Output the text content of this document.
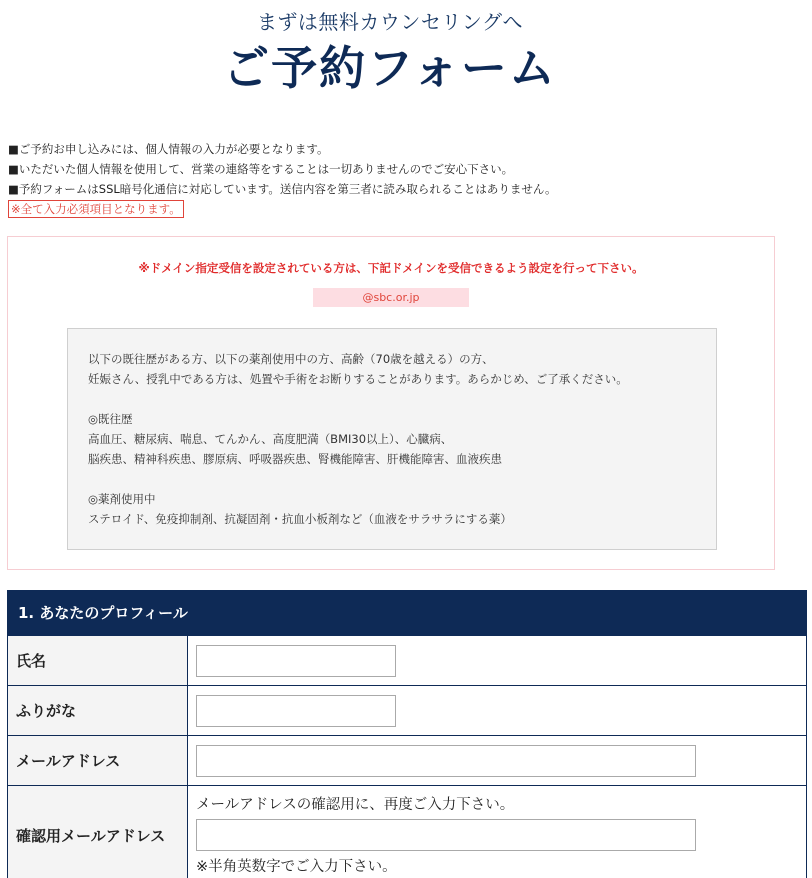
まずは無料カウンセリングへ
ご予約フォーム
■ご予約お申し込みには、個人情報の入力が必要となります。
■いただいた個人情報を使用して、営業の連絡等をすることは一切ありませんのでご安心下さい。
■予約フォームはSSL暗号化通信に対応しています。送信内容を第三者に読み取られることはありません。
※全て入力必須項目となります。
※ドメイン指定受信を設定されている方は、下記ドメインを受信できるよう設定を行って下さい。
@sbc.or.jp
以下の既往歴がある方、以下の薬剤使用中の方、高齢（70歳を越える）の方、
妊娠さん、授乳中である方は、処置や手術をお断りすることがあります。あらかじめ、ご了承ください。
◎既往歴
高血圧、糖尿病、喘息、てんかん、高度肥満（BMI30以上）、心臓病、
脳疾患、精神科疾患、膠原病、呼吸器疾患、腎機能障害、肝機能障害、血液疾患
◎薬剤使用中
ステロイド、免疫抑制剤、抗凝固剤・抗血小板剤など（血液をサラサラにする薬）
1. あなたのプロフィール
氏名
ふりがな
メールアドレス
確認用メールアドレス
メールアドレスの確認用に、再度ご入力下さい。
※半角英数字でご入力下さい。
